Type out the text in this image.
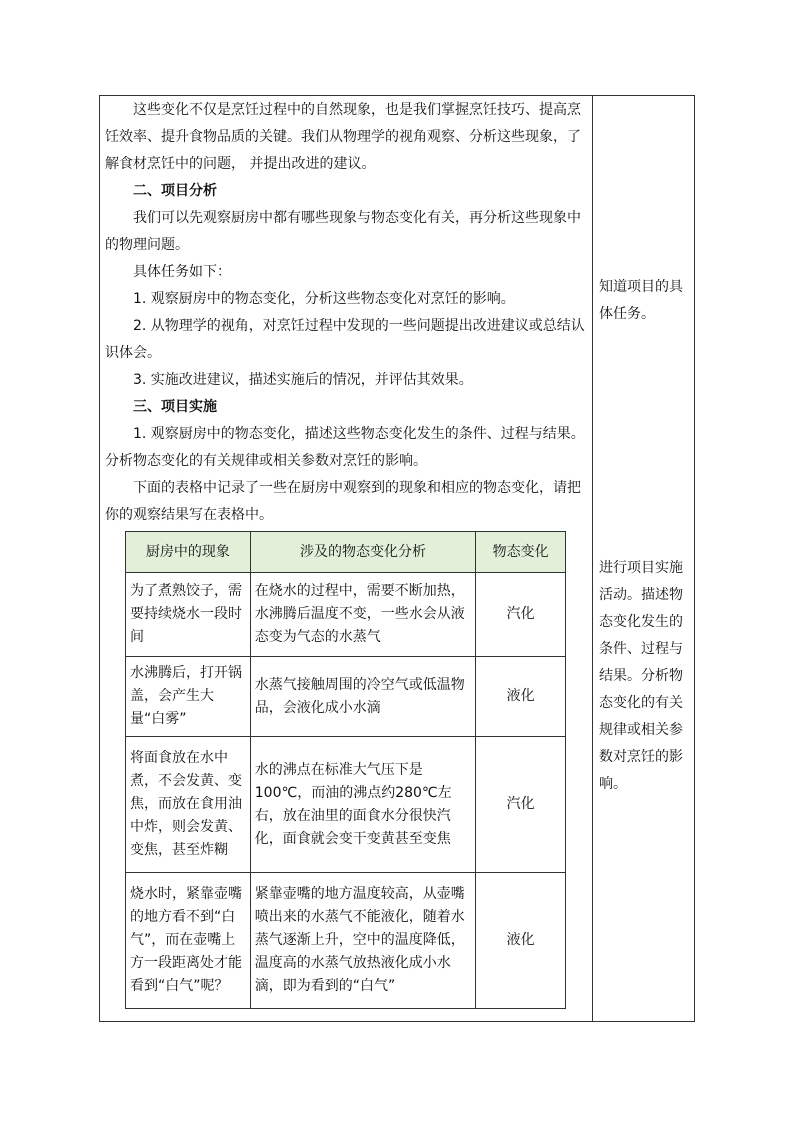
这些变化不仅是烹饪过程中的自然现象，也是我们掌握烹饪技巧、提高烹饪效率、提升食物品质的关键。我们从物理学的视角观察、分析这些现象，了解食材烹饪中的问题， 并提出改进的建议。

二、项目分析

我们可以先观察厨房中都有哪些现象与物态变化有关，再分析这些现象中的物理问题。

具体任务如下：

1. 观察厨房中的物态变化，分析这些物态变化对烹饪的影响。

2. 从物理学的视角，对烹饪过程中发现的一些问题提出改进建议或总结认识体会。

3. 实施改进建议，描述实施后的情况，并评估其效果。

三、项目实施

1. 观察厨房中的物态变化，描述这些物态变化发生的条件、过程与结果。分析物态变化的有关规律或相关参数对烹饪的影响。

下面的表格中记录了一些在厨房中观察到的现象和相应的物态变化，请把你的观察结果写在表格中。

厨房中的现象	涉及的物态变化分析	物态变化
为了煮熟饺子，需要持续烧水一段时间	在烧水的过程中，需要不断加热，水沸腾后温度不变，一些水会从液态变为气态的水蒸气	汽化
水沸腾后，打开锅盖，会产生大量“白雾”	水蒸气接触周围的冷空气或低温物品，会液化成小水滴	液化
将面食放在水中煮，不会发黄、变焦，而放在食用油中炸，则会发黄、变焦，甚至炸糊	水的沸点在标准大气压下是100℃，而油的沸点约280℃左右，放在油里的面食水分很快汽化，面食就会变干变黄甚至变焦	汽化
烧水时，紧靠壶嘴的地方看不到“白气”，而在壶嘴上方一段距离处才能看到“白气”呢？	紧靠壶嘴的地方温度较高，从壶嘴喷出来的水蒸气不能液化，随着水蒸气逐渐上升，空中的温度降低，温度高的水蒸气放热液化成小水滴，即为看到的“白气”	液化

知道项目的具体任务。

进行项目实施活动。描述物态变化发生的条件、过程与结果。分析物态变化的有关规律或相关参数对烹饪的影响。
